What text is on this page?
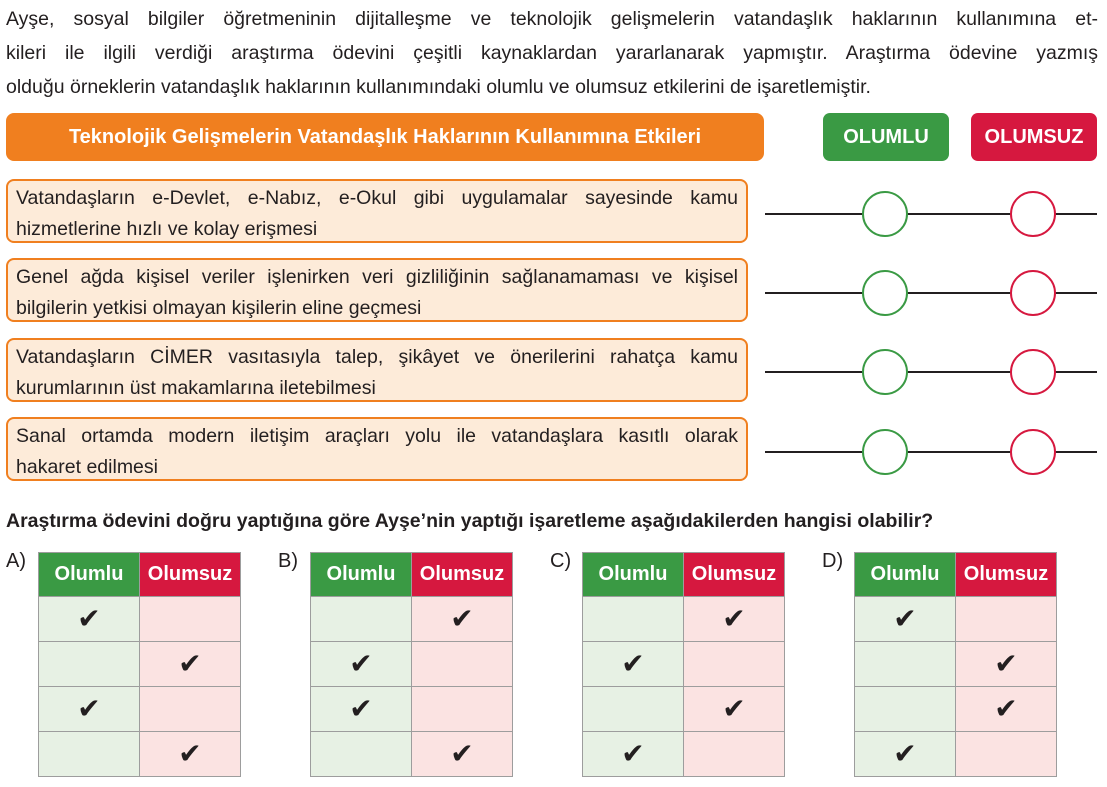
Ayşe, sosyal bilgiler öğretmeninin dijitalleşme ve teknolojik gelişmelerin vatandaşlık haklarının kullanımına et-
kileri ile ilgili verdiği araştırma ödevini çeşitli kaynaklardan yararlanarak yapmıştır. Araştırma ödevine yazmış
olduğu örneklerin vatandaşlık haklarının kullanımındaki olumlu ve olumsuz etkilerini de işaretlemiştir.

Teknolojik Gelişmelerin Vatandaşlık Haklarının Kullanımına Etkileri	OLUMLU	OLUMSUZ
Vatandaşların e-Devlet, e-Nabız, e-Okul gibi uygulamalar sayesinde kamu
hizmetlerine hızlı ve kolay erişmesi
Genel ağda kişisel veriler işlenirken veri gizliliğinin sağlanamaması ve kişisel
bilgilerin yetkisi olmayan kişilerin eline geçmesi
Vatandaşların CİMER vasıtasıyla talep, şikâyet ve önerilerini rahatça kamu
kurumlarının üst makamlarına iletebilmesi
Sanal ortamda modern iletişim araçları yolu ile vatandaşlara kasıtlı olarak
hakaret edilmesi

Araştırma ödevini doğru yaptığına göre Ayşe’nin yaptığı işaretleme aşağıdakilerden hangisi olabilir?

A)	B)	C)	D)
Olumlu	Olumsuz
✔	
	✔
✔	
	✔
Olumlu	Olumsuz
	✔
✔	
✔	
	✔
Olumlu	Olumsuz
	✔
✔	
	✔
✔	
Olumlu	Olumsuz
✔	
	✔
	✔
✔	
